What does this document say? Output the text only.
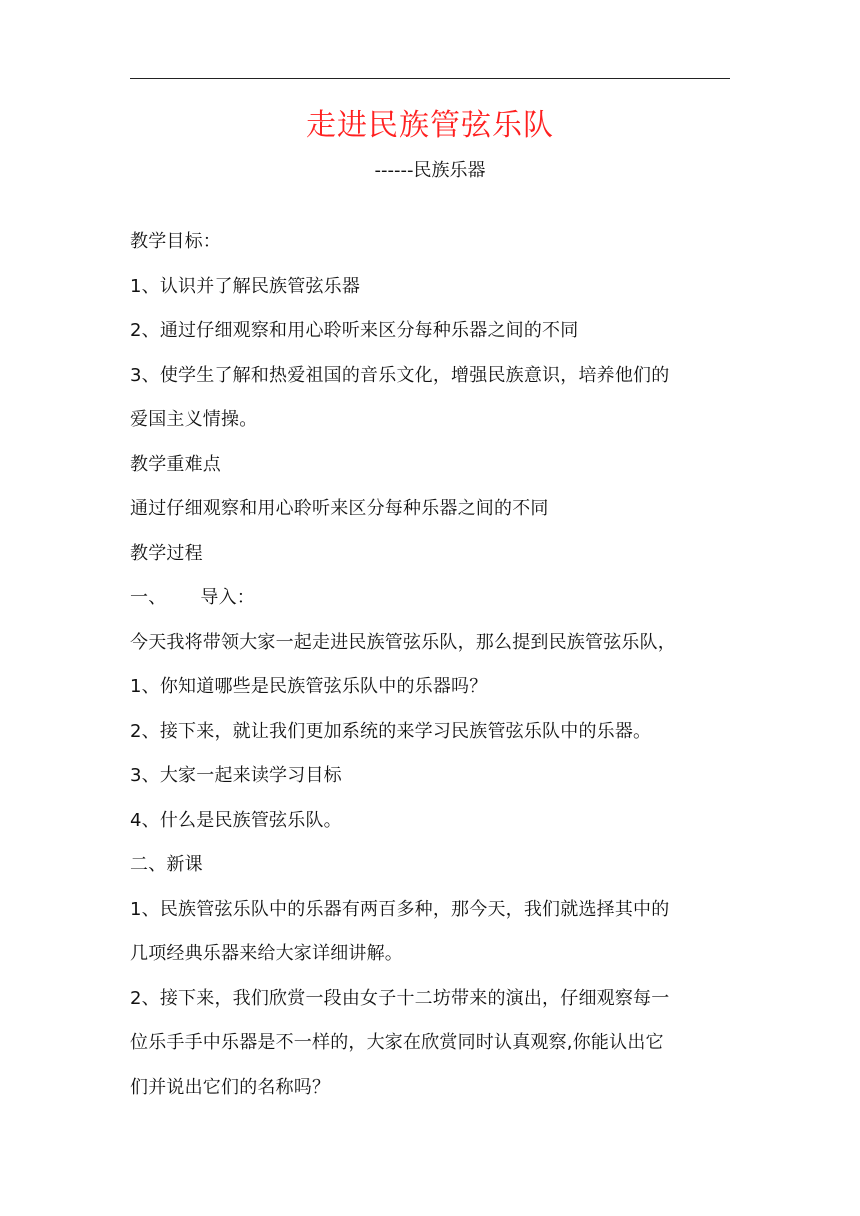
走进民族管弦乐队
------民族乐器
教学目标：
1、认识并了解民族管弦乐器
2、通过仔细观察和用心聆听来区分每种乐器之间的不同
3、使学生了解和热爱祖国的音乐文化，增强民族意识，培养他们的
爱国主义情操。
教学重难点
通过仔细观察和用心聆听来区分每种乐器之间的不同
教学过程
一、 导入：
今天我将带领大家一起走进民族管弦乐队，那么提到民族管弦乐队，
1、你知道哪些是民族管弦乐队中的乐器吗？
2、接下来，就让我们更加系统的来学习民族管弦乐队中的乐器。
3、大家一起来读学习目标
4、什么是民族管弦乐队。
二、新课
1、民族管弦乐队中的乐器有两百多种，那今天，我们就选择其中的
几项经典乐器来给大家详细讲解。
2、接下来，我们欣赏一段由女子十二坊带来的演出，仔细观察每一
位乐手手中乐器是不一样的，大家在欣赏同时认真观察,你能认出它
们并说出它们的名称吗？
